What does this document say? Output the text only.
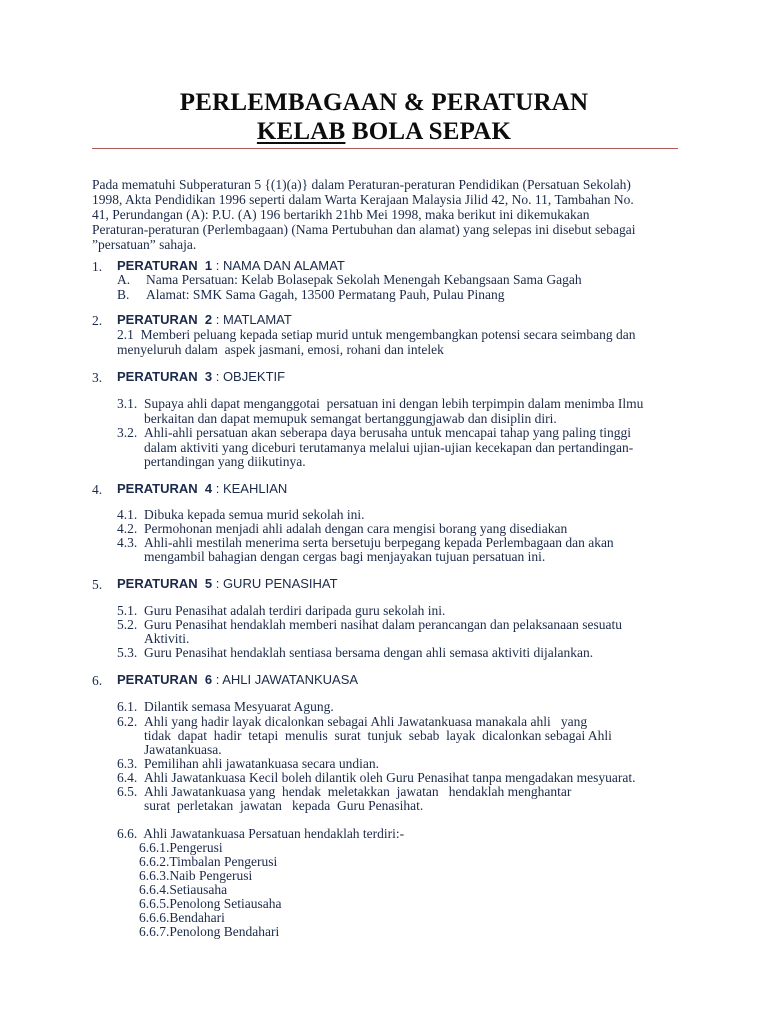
PERLEMBAGAAN & PERATURAN
KELAB BOLA SEPAK
Pada mematuhi Subperaturan 5 {(1)(a)} dalam Peraturan-peraturan Pendidikan (Persatuan Sekolah)
1998, Akta Pendidikan 1996 seperti dalam Warta Kerajaan Malaysia Jilid 42, No. 11, Tambahan No.
41, Perundangan (A): P.U. (A) 196 bertarikh 21hb Mei 1998, maka berikut ini dikemukakan
Peraturan-peraturan (Perlembagaan) (Nama Pertubuhan dan alamat) yang selepas ini disebut sebagai
”persatuan” sahaja.
1. PERATURAN  1 : NAMA DAN ALAMAT
A. Nama Persatuan: Kelab Bolasepak Sekolah Menengah Kebangsaan Sama Gagah
B. Alamat: SMK Sama Gagah, 13500 Permatang Pauh, Pulau Pinang
2. PERATURAN  2 : MATLAMAT
2.1  Memberi peluang kepada setiap murid untuk mengembangkan potensi secara seimbang dan
menyeluruh dalam  aspek jasmani, emosi, rohani dan intelek
3. PERATURAN  3 : OBJEKTIF
3.1. Supaya ahli dapat menganggotai  persatuan ini dengan lebih terpimpin dalam menimba Ilmu
berkaitan dan dapat memupuk semangat bertanggungjawab dan disiplin diri.
3.2. Ahli-ahli persatuan akan seberapa daya berusaha untuk mencapai tahap yang paling tinggi
dalam aktiviti yang diceburi terutamanya melalui ujian-ujian kecekapan dan pertandingan-
pertandingan yang diikutinya.
4. PERATURAN  4 : KEAHLIAN
4.1. Dibuka kepada semua murid sekolah ini.
4.2. Permohonan menjadi ahli adalah dengan cara mengisi borang yang disediakan
4.3. Ahli-ahli mestilah menerima serta bersetuju berpegang kepada Perlembagaan dan akan
mengambil bahagian dengan cergas bagi menjayakan tujuan persatuan ini.
5. PERATURAN  5 : GURU PENASIHAT
5.1. Guru Penasihat adalah terdiri daripada guru sekolah ini.
5.2. Guru Penasihat hendaklah memberi nasihat dalam perancangan dan pelaksanaan sesuatu
Aktiviti.
5.3. Guru Penasihat hendaklah sentiasa bersama dengan ahli semasa aktiviti dijalankan.
6. PERATURAN  6 : AHLI JAWATANKUASA
6.1. Dilantik semasa Mesyuarat Agung.
6.2. Ahli yang hadir layak dicalonkan sebagai Ahli Jawatankuasa manakala ahli   yang
tidak  dapat  hadir  tetapi  menulis  surat  tunjuk  sebab  layak  dicalonkan sebagai Ahli
Jawatankuasa.
6.3. Pemilihan ahli jawatankuasa secara undian.
6.4. Ahli Jawatankuasa Kecil boleh dilantik oleh Guru Penasihat tanpa mengadakan mesyuarat.
6.5. Ahli Jawatankuasa yang  hendak  meletakkan  jawatan   hendaklah menghantar
surat  perletakan  jawatan   kepada  Guru Penasihat.
6.6.  Ahli Jawatankuasa Persatuan hendaklah terdiri:-
6.6.1.Pengerusi
6.6.2.Timbalan Pengerusi
6.6.3.Naib Pengerusi
6.6.4.Setiausaha
6.6.5.Penolong Setiausaha
6.6.6.Bendahari
6.6.7.Penolong Bendahari
